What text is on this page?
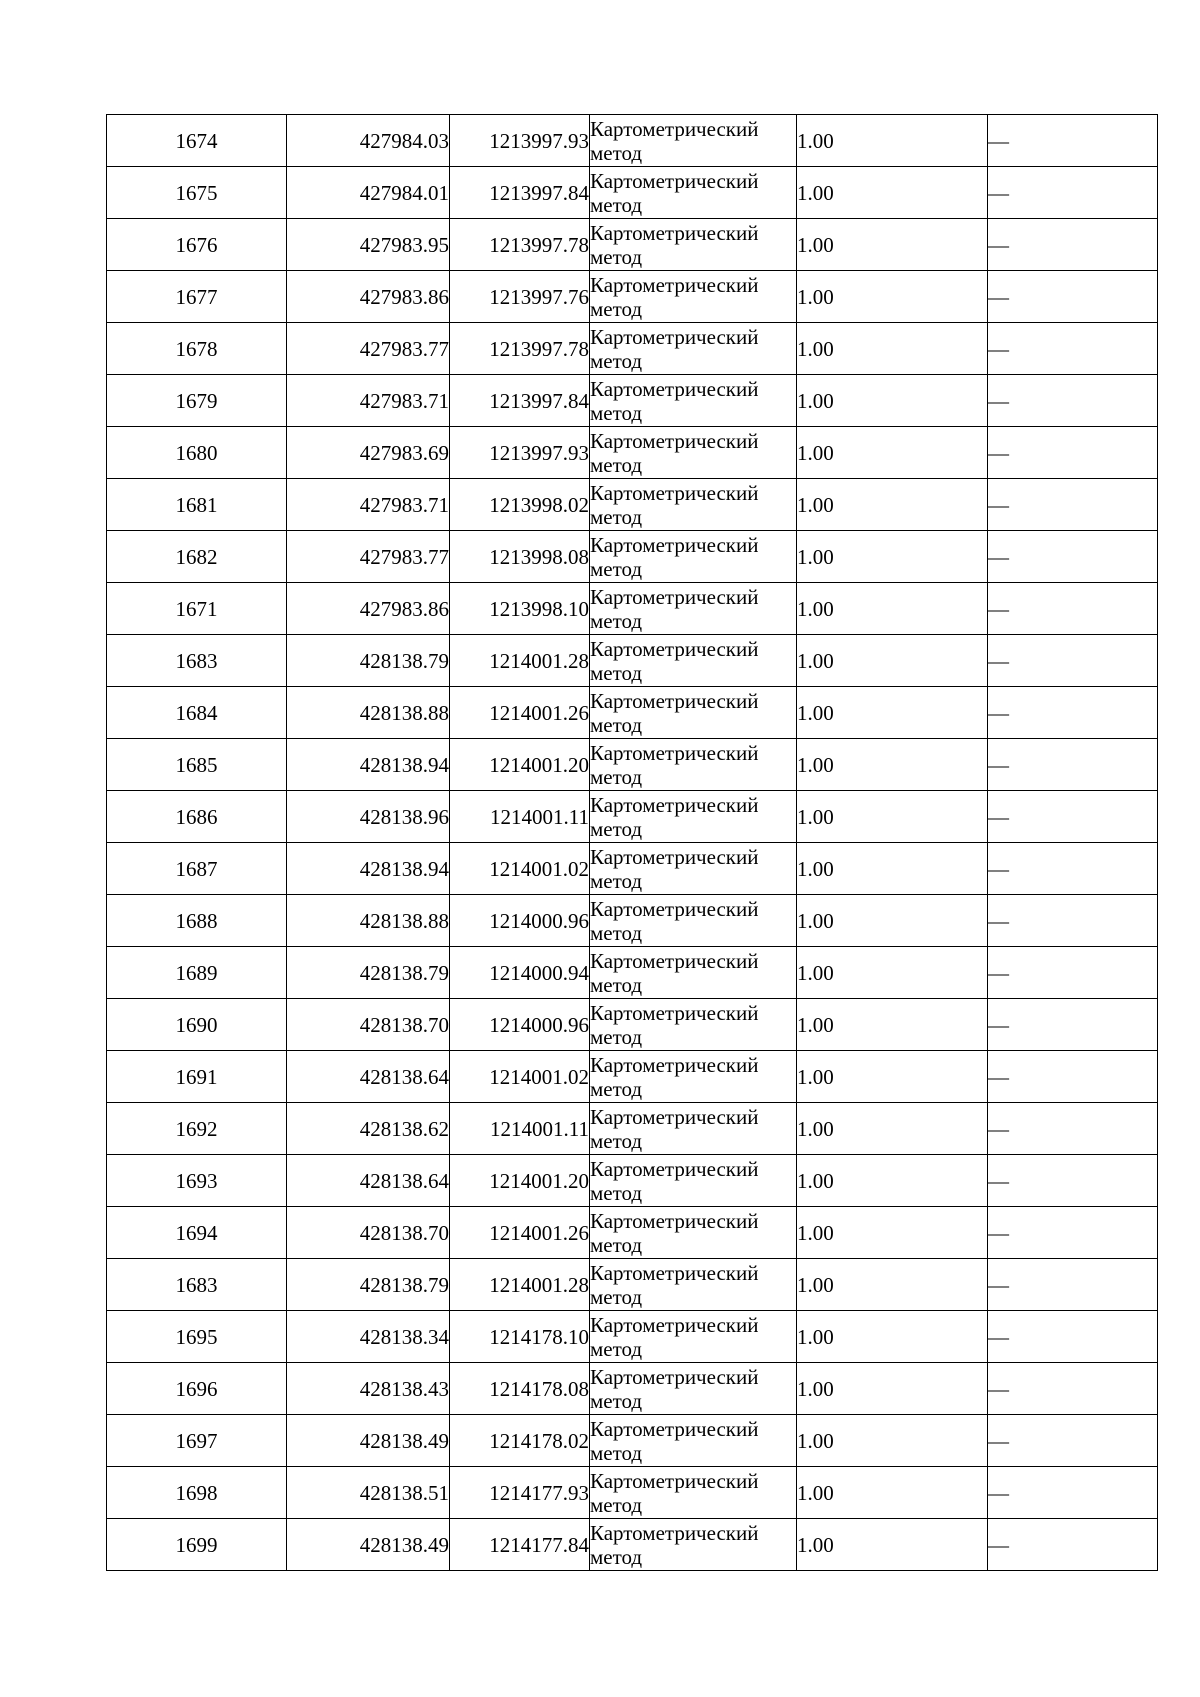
1674	427984.03	1213997.93	Картометрический
метод	1.00	—
1675	427984.01	1213997.84	Картометрический
метод	1.00	—
1676	427983.95	1213997.78	Картометрический
метод	1.00	—
1677	427983.86	1213997.76	Картометрический
метод	1.00	—
1678	427983.77	1213997.78	Картометрический
метод	1.00	—
1679	427983.71	1213997.84	Картометрический
метод	1.00	—
1680	427983.69	1213997.93	Картометрический
метод	1.00	—
1681	427983.71	1213998.02	Картометрический
метод	1.00	—
1682	427983.77	1213998.08	Картометрический
метод	1.00	—
1671	427983.86	1213998.10	Картометрический
метод	1.00	—
1683	428138.79	1214001.28	Картометрический
метод	1.00	—
1684	428138.88	1214001.26	Картометрический
метод	1.00	—
1685	428138.94	1214001.20	Картометрический
метод	1.00	—
1686	428138.96	1214001.11	Картометрический
метод	1.00	—
1687	428138.94	1214001.02	Картометрический
метод	1.00	—
1688	428138.88	1214000.96	Картометрический
метод	1.00	—
1689	428138.79	1214000.94	Картометрический
метод	1.00	—
1690	428138.70	1214000.96	Картометрический
метод	1.00	—
1691	428138.64	1214001.02	Картометрический
метод	1.00	—
1692	428138.62	1214001.11	Картометрический
метод	1.00	—
1693	428138.64	1214001.20	Картометрический
метод	1.00	—
1694	428138.70	1214001.26	Картометрический
метод	1.00	—
1683	428138.79	1214001.28	Картометрический
метод	1.00	—
1695	428138.34	1214178.10	Картометрический
метод	1.00	—
1696	428138.43	1214178.08	Картометрический
метод	1.00	—
1697	428138.49	1214178.02	Картометрический
метод	1.00	—
1698	428138.51	1214177.93	Картометрический
метод	1.00	—
1699	428138.49	1214177.84	Картометрический
метод	1.00	—
